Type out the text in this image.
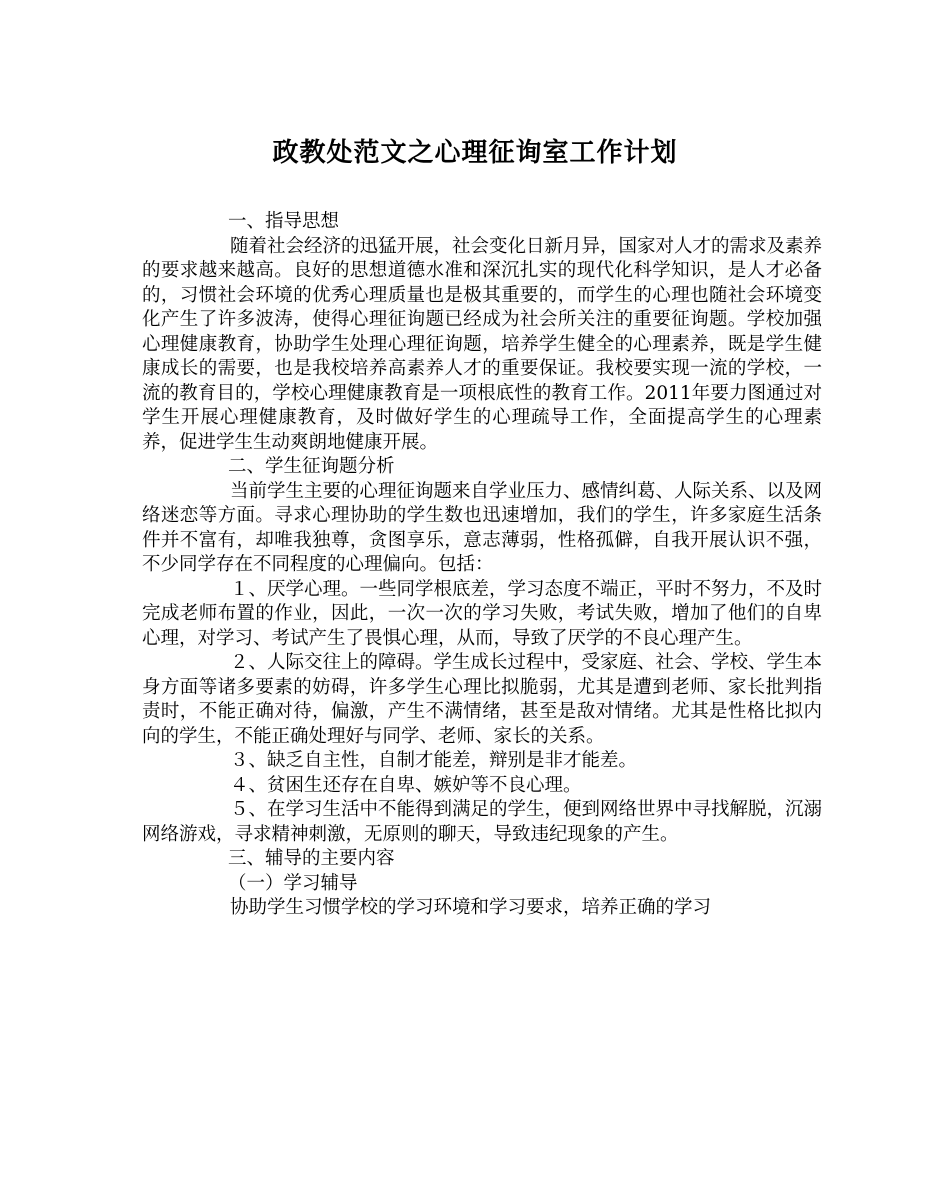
政教处范文之心理征询室工作计划

一、指导思想

随着社会经济的迅猛开展，社会变化日新月异，国家对人才的需求及素养的要求越来越高。良好的思想道德水准和深沉扎实的现代化科学知识，是人才必备的，习惯社会环境的优秀心理质量也是极其重要的，而学生的心理也随社会环境变化产生了许多波涛，使得心理征询题已经成为社会所关注的重要征询题。学校加强心理健康教育，协助学生处理心理征询题，培养学生健全的心理素养，既是学生健康成长的需要，也是我校培养高素养人才的重要保证。我校要实现一流的学校，一流的教育目的，学校心理健康教育是一项根底性的教育工作。2011年要力图通过对学生开展心理健康教育，及时做好学生的心理疏导工作，全面提高学生的心理素养，促进学生生动爽朗地健康开展。

二、学生征询题分析

当前学生主要的心理征询题来自学业压力、感情纠葛、人际关系、以及网络迷恋等方面。寻求心理协助的学生数也迅速增加，我们的学生，许多家庭生活条件并不富有，却唯我独尊，贪图享乐，意志薄弱，性格孤僻，自我开展认识不强，不少同学存在不同程度的心理偏向。包括：

１、厌学心理。一些同学根底差，学习态度不端正，平时不努力，不及时完成老师布置的作业，因此，一次一次的学习失败，考试失败，增加了他们的自卑心理，对学习、考试产生了畏惧心理，从而，导致了厌学的不良心理产生。

２、人际交往上的障碍。学生成长过程中，受家庭、社会、学校、学生本身方面等诸多要素的妨碍，许多学生心理比拟脆弱，尤其是遭到老师、家长批判指责时，不能正确对待，偏激，产生不满情绪，甚至是敌对情绪。尤其是性格比拟内向的学生，不能正确处理好与同学、老师、家长的关系。

３、缺乏自主性，自制才能差，辩别是非才能差。

４、贫困生还存在自卑、嫉妒等不良心理。

５、在学习生活中不能得到满足的学生，便到网络世界中寻找解脱，沉溺网络游戏，寻求精神刺激，无原则的聊天，导致违纪现象的产生。

三、辅导的主要内容

（一）学习辅导

协助学生习惯学校的学习环境和学习要求，培养正确的学习
